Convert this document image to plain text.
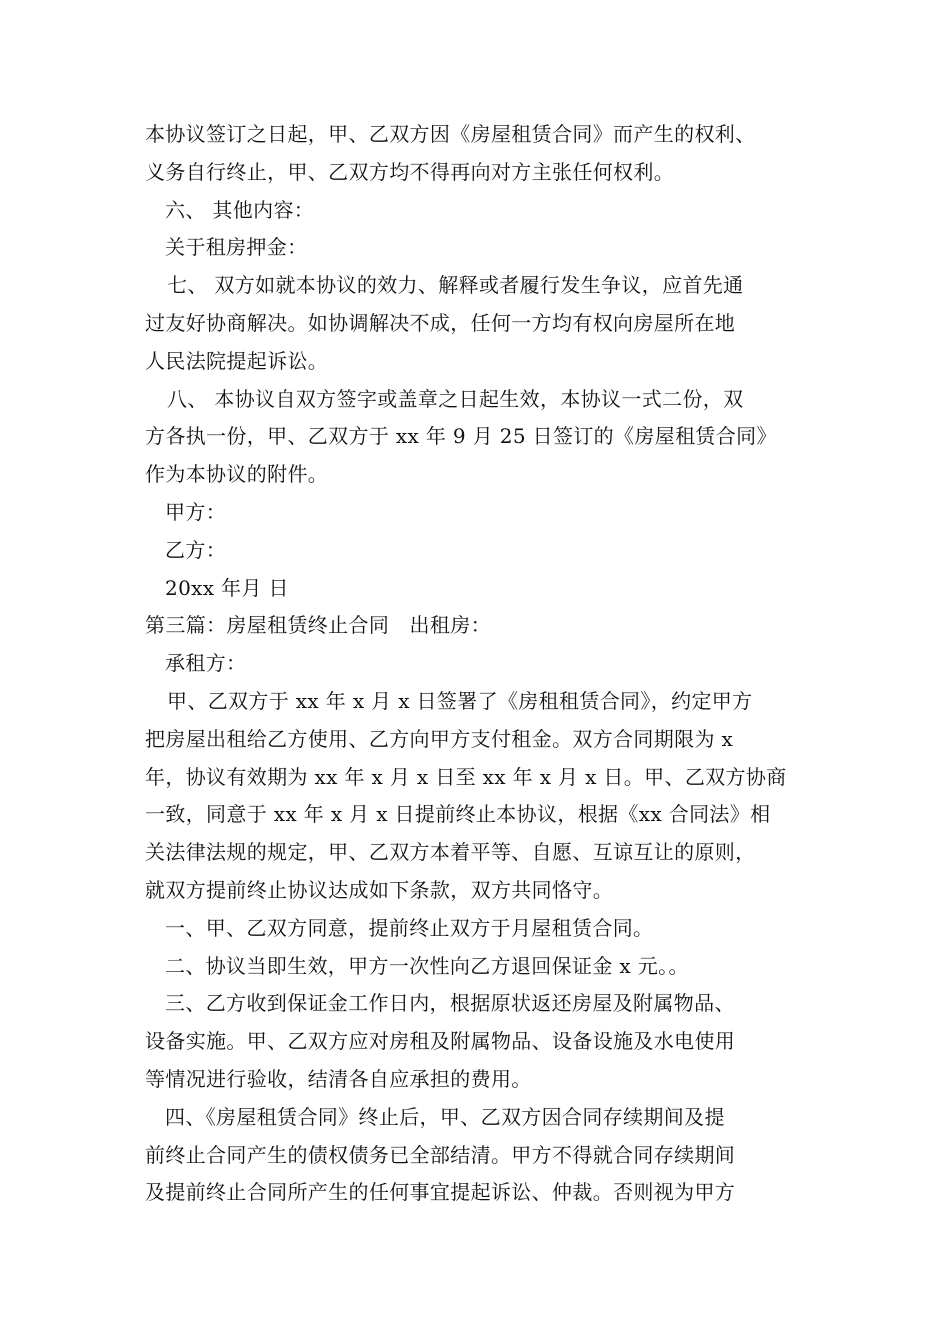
本协议签订之日起，甲、乙双方因《房屋租赁合同》而产生的权利、
义务自行终止，甲、乙双方均不得再向对方主张任何权利。
六、 其他内容：
关于租房押金：
七、 双方如就本协议的效力、解释或者履行发生争议，应首先通
过友好协商解决。如协调解决不成，任何一方均有权向房屋所在地
人民法院提起诉讼。
八、 本协议自双方签字或盖章之日起生效，本协议一式二份，双
方各执一份，甲、乙双方于 xx 年 9 月 25 日签订的《房屋租赁合同》
作为本协议的附件。
甲方：
乙方：
20xx 年月 日
第三篇：房屋租赁终止合同　出租房：
承租方：
甲、乙双方于 xx 年 x 月 x 日签署了《房租租赁合同》，约定甲方
把房屋出租给乙方使用、乙方向甲方支付租金。双方合同期限为 x
年，协议有效期为 xx 年 x 月 x 日至 xx 年 x 月 x 日。甲、乙双方协商
一致，同意于 xx 年 x 月 x 日提前终止本协议，根据《xx 合同法》相
关法律法规的规定，甲、乙双方本着平等、自愿、互谅互让的原则，
就双方提前终止协议达成如下条款，双方共同恪守。
一、甲、乙双方同意，提前终止双方于月屋租赁合同。
二、协议当即生效，甲方一次性向乙方退回保证金 x 元。。
三、乙方收到保证金工作日内，根据原状返还房屋及附属物品、
设备实施。甲、乙双方应对房租及附属物品、设备设施及水电使用
等情况进行验收，结清各自应承担的费用。
四、《房屋租赁合同》终止后，甲、乙双方因合同存续期间及提
前终止合同产生的债权债务已全部结清。甲方不得就合同存续期间
及提前终止合同所产生的任何事宜提起诉讼、仲裁。否则视为甲方
